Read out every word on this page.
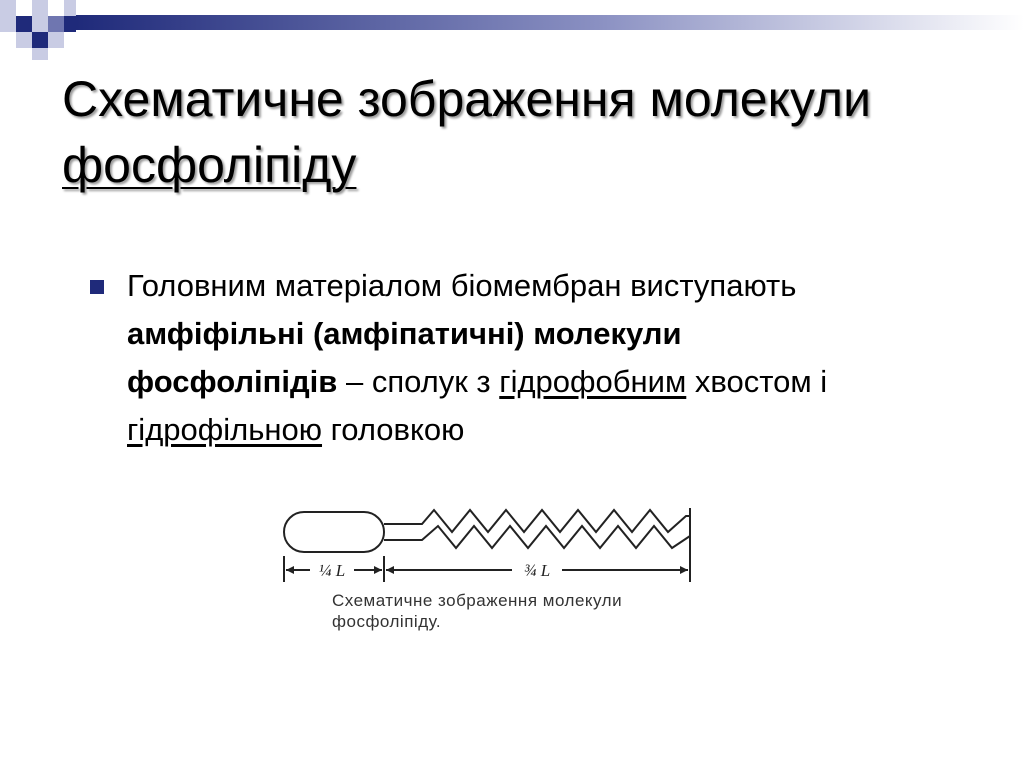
Схематичне зображення молекули фосфоліпіду

Головним матеріалом біомембран виступають амфіфільні (амфіпатичні) молекули фосфоліпідів – сполук з гідрофобним хвостом і гідрофільною головкою

¼ L	¾ L

Схематичне зображення молекули фосфоліпіду.
